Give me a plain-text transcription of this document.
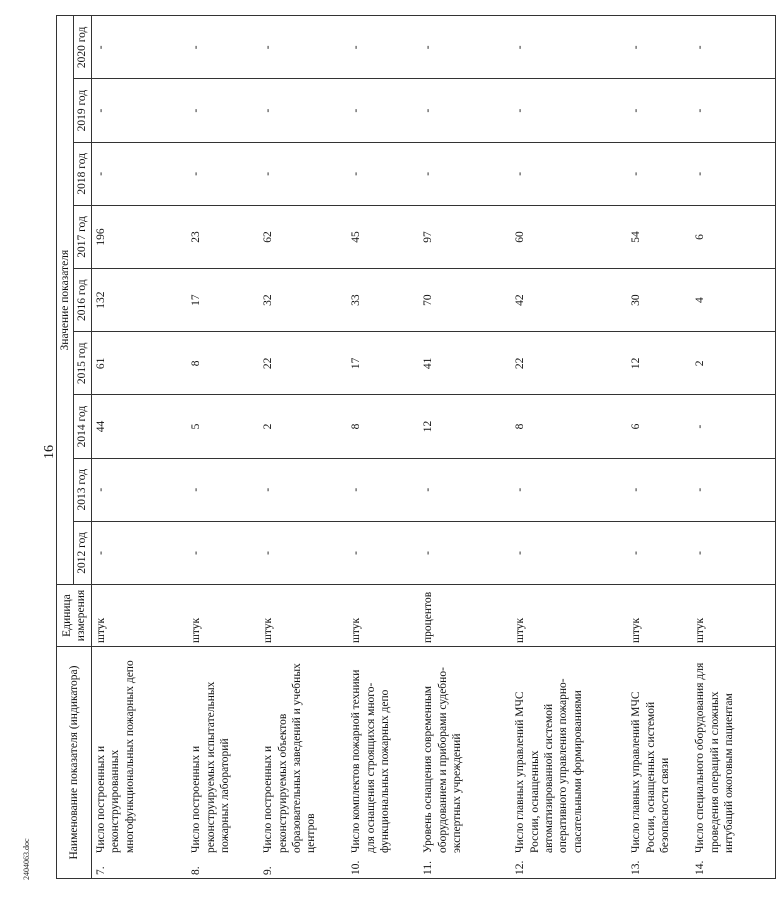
16
2404063.doc	Наименование показателя (индикатора)	Единица измерения	Значение показателя								
		2012 год	2013 год	2014 год	2015 год	2016 год	2017 год	2018 год	2019 год	2020 год
7.Число построенных и реконструированных многофункциональных пожарных депо	штук	-	-	44	61	132	196	-	-	-
8.Число построенных и реконструируемых испытательных пожарных лабораторий	штук	-	-	5	8	17	23	-	-	-
9.Число построенных и реконструируемых объектов образовательных заведений и учебных центров	штук	-	-	2	22	32	62	-	-	-
10.Число комплектов пожарной техники для оснащения строящихся много-функциональных пожарных депо	штук	-	-	8	17	33	45	-	-	-
11.Уровень оснащения современным оборудованием и приборами судебно-экспертных учреждений	процентов	-	-	12	41	70	97	-	-	-
12.Число главных управлений МЧС России, оснащенных автоматизированной системой оперативного управления пожарно-спасательными формированиями	штук	-	-	8	22	42	60	-	-	-
13.Число главных управлений МЧС России, оснащенных системой безопасности связи	штук	-	-	6	12	30	54	-	-	-
14.Число специального оборудования для проведения операций и сложных интубаций ожоговым пациентам	штук	-	-	-	2	4	6	-	-	-
